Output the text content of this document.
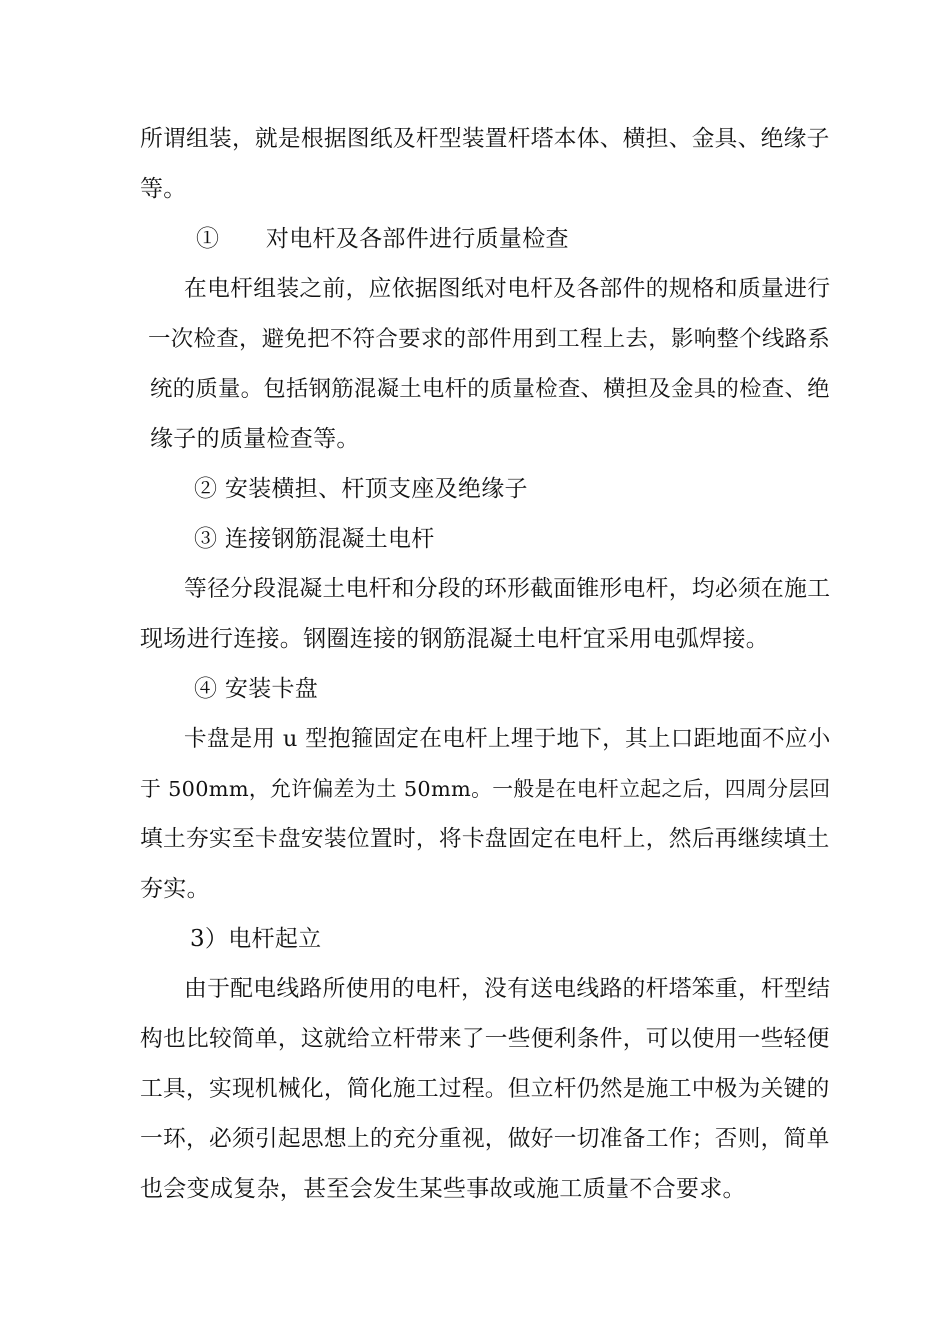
所谓组装，就是根据图纸及杆型装置杆塔本体、横担、金具、绝缘子
等。
①　　对电杆及各部件进行质量检查
在电杆组装之前，应依据图纸对电杆及各部件的规格和质量进行
一次检查，避免把不符合要求的部件用到工程上去，影响整个线路系
统的质量。包括钢筋混凝土电杆的质量检查、横担及金具的检查、绝
缘子的质量检查等。
② 安装横担、杆顶支座及绝缘子
③ 连接钢筋混凝土电杆
等径分段混凝土电杆和分段的环形截面锥形电杆，均必须在施工
现场进行连接。钢圈连接的钢筋混凝土电杆宜采用电弧焊接。
④ 安装卡盘
卡盘是用 u 型抱箍固定在电杆上埋于地下，其上口距地面不应小
于 500mm，允许偏差为土 50mm。一般是在电杆立起之后，四周分层回
填土夯实至卡盘安装位置时，将卡盘固定在电杆上，然后再继续填土
夯实。
3）电杆起立
由于配电线路所使用的电杆，没有送电线路的杆塔笨重，杆型结
构也比较简单，这就给立杆带来了一些便利条件，可以使用一些轻便
工具，实现机械化，简化施工过程。但立杆仍然是施工中极为关键的
一环，必须引起思想上的充分重视，做好一切准备工作；否则，简单
也会变成复杂，甚至会发生某些事故或施工质量不合要求。
